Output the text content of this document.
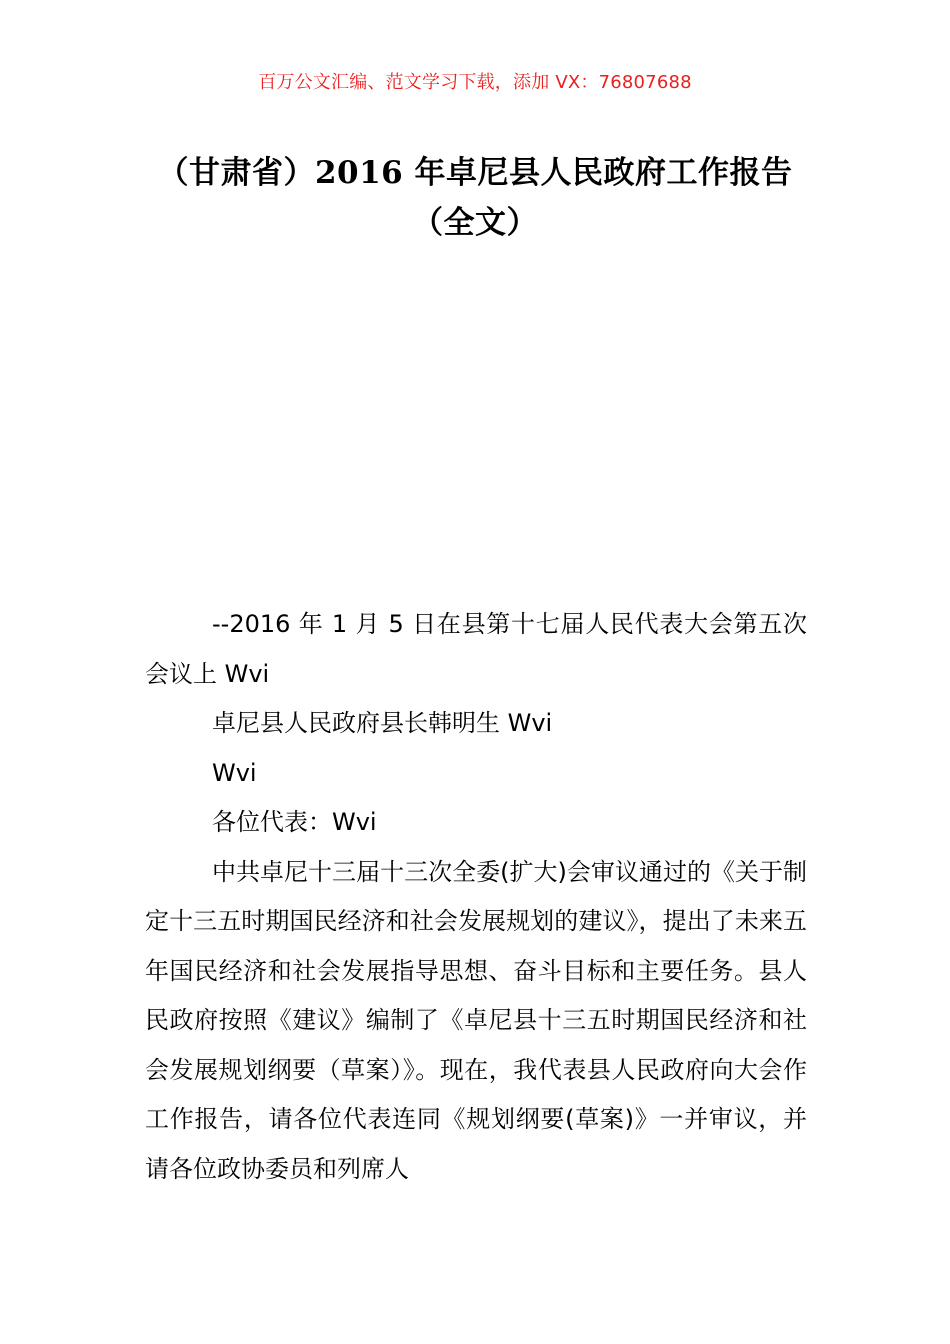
百万公文汇编、范文学习下载，添加 VX：76807688
（甘肃省）2016 年卓尼县人民政府工作报告（全文）

--2016 年 1 月 5 日在县第十七届人民代表大会第五次会议上 Wvi

卓尼县人民政府县长韩明生 Wvi

Wvi

各位代表：Wvi

中共卓尼十三届十三次全委(扩大)会审议通过的《关于制定十三五时期国民经济和社会发展规划的建议》，提出了未来五年国民经济和社会发展指导思想、奋斗目标和主要任务。县人民政府按照《建议》编制了《卓尼县十三五时期国民经济和社会发展规划纲要（草案）》。现在，我代表县人民政府向大会作工作报告，请各位代表连同《规划纲要(草案)》一并审议，并请各位政协委员和列席人
